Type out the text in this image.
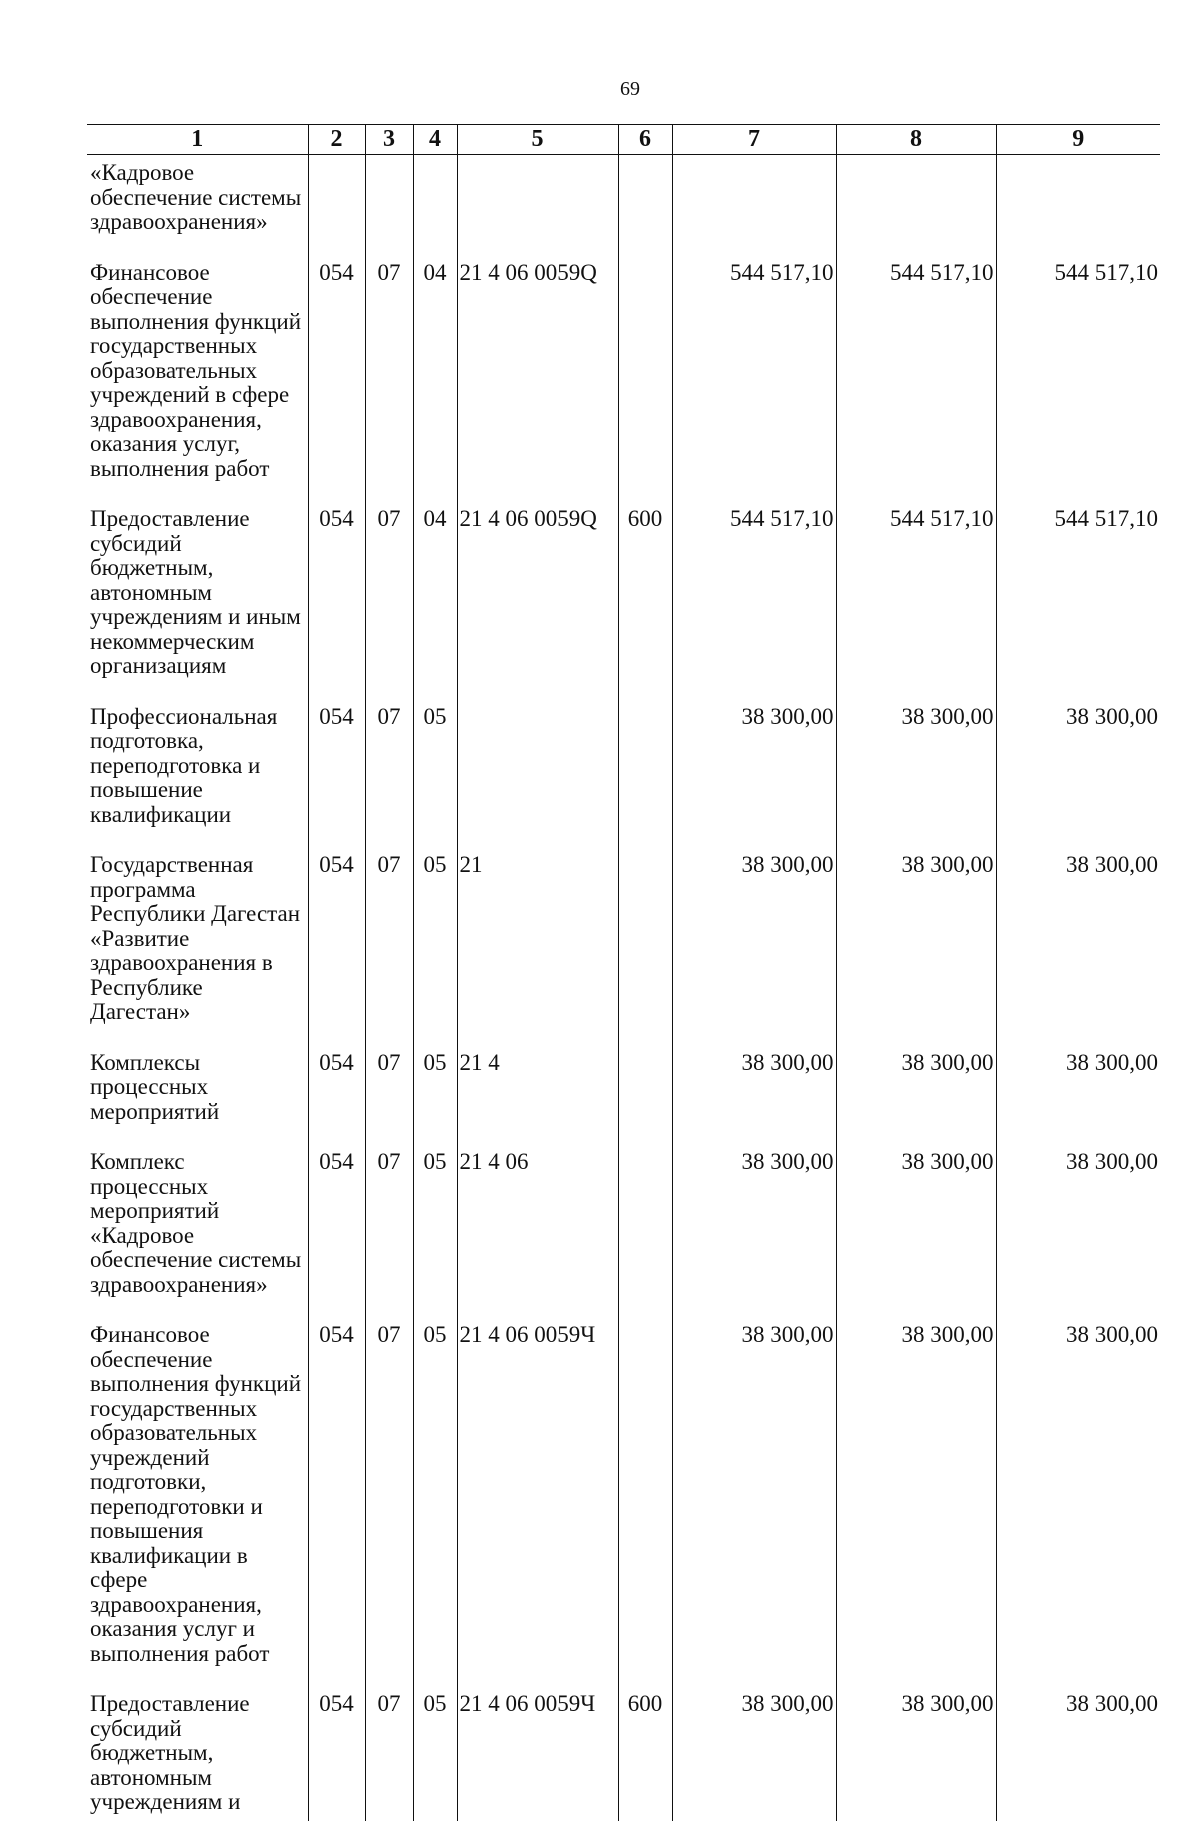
69
1	2	3	4	5	6	7	8	9
«Кадровое обеспечение системы здравоохранения»								
Финансовое обеспечение выполнения функций государственных образовательных учреждений в сфере здравоохранения, оказания услуг, выполнения работ	054	07	04	21 4 06 0059Q		544 517,10	544 517,10	544 517,10
Предоставление субсидий бюджетным, автономным учреждениям и иным некоммерческим организациям	054	07	04	21 4 06 0059Q	600	544 517,10	544 517,10	544 517,10
Профессиональная подготовка, переподготовка и повышение квалификации	054	07	05			38 300,00	38 300,00	38 300,00
Государственная программа Республики Дагестан «Развитие здравоохранения в Республике Дагестан»	054	07	05	21		38 300,00	38 300,00	38 300,00
Комплексы процессных мероприятий	054	07	05	21 4		38 300,00	38 300,00	38 300,00
Комплекс процессных мероприятий «Кадровое обеспечение системы здравоохранения»	054	07	05	21 4 06		38 300,00	38 300,00	38 300,00
Финансовое обеспечение выполнения функций государственных образовательных учреждений подготовки, переподготовки и повышения квалификации в сфере здравоохранения, оказания услуг и выполнения работ	054	07	05	21 4 06 0059Ч		38 300,00	38 300,00	38 300,00
Предоставление субсидий бюджетным, автономным учреждениям и	054	07	05	21 4 06 0059Ч	600	38 300,00	38 300,00	38 300,00
